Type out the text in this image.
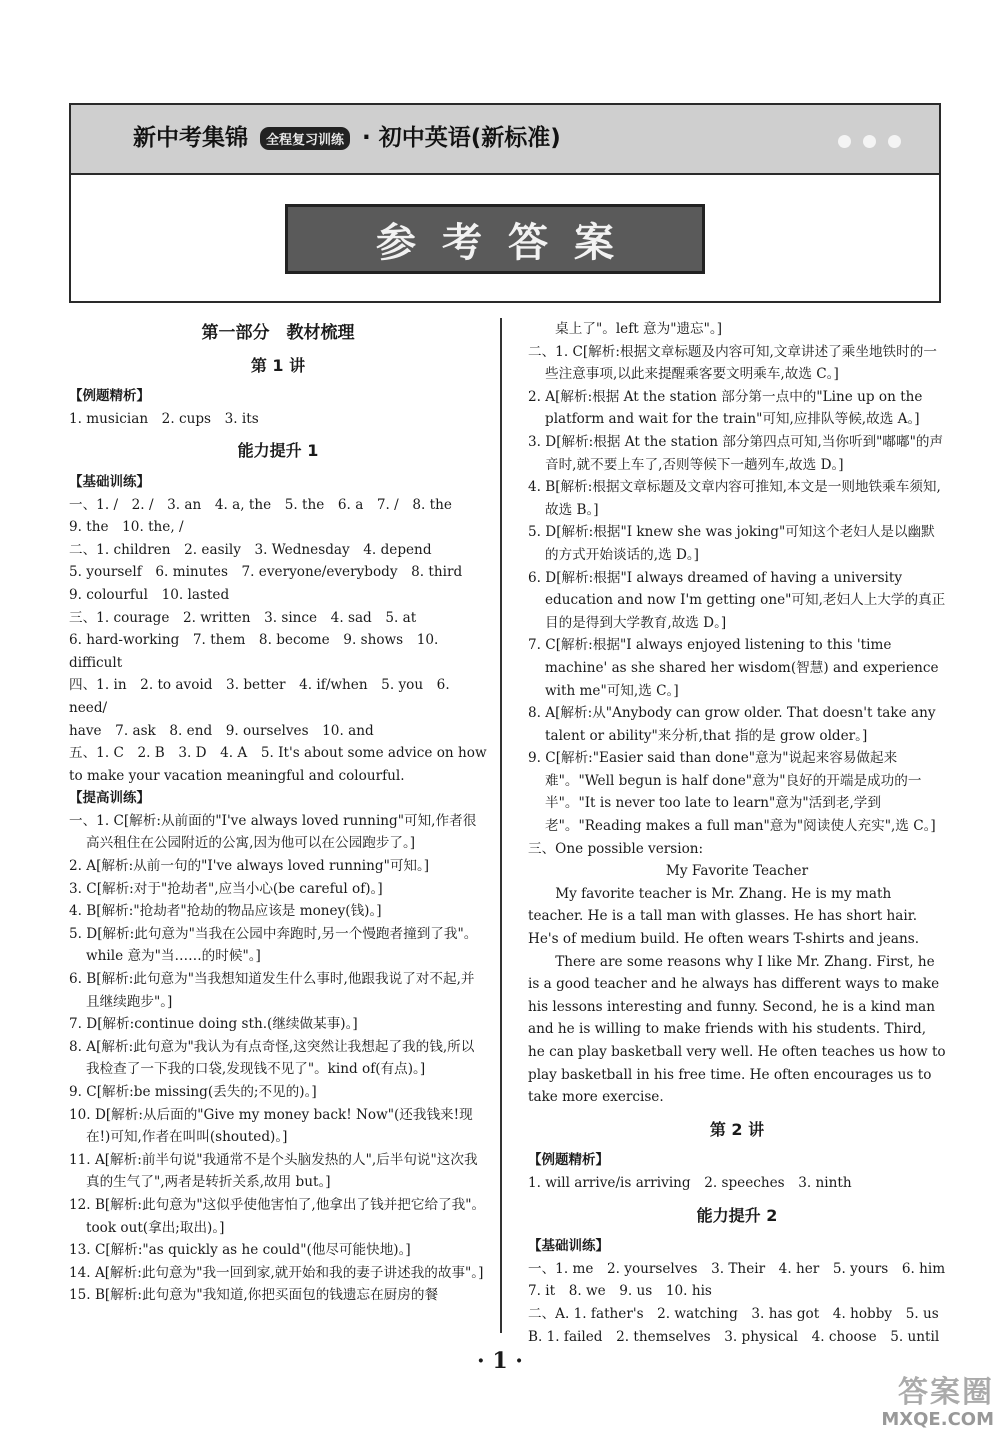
新中考集锦 全程复习训练 · 初中英语(新标准)
参考答案
第一部分　教材梳理
第 1 讲
【例题精析】
1. musician　2. cups　3. its
能力提升 1
【基础训练】
一、1. /　2. /　3. an　4. a, the　5. the　6. a　7. /　8. the
9. the　10. the, /
二、1. children　2. easily　3. Wednesday　4. depend
5. yourself　6. minutes　7. everyone/everybody　8. third
9. colourful　10. lasted
三、1. courage　2. written　3. since　4. sad　5. at
6. hard-working　7. them　8. become　9. shows　10. difficult
四、1. in　2. to avoid　3. better　4. if/when　5. you　6. need/
have　7. ask　8. end　9. ourselves　10. and
五、1. C　2. B　3. D　4. A　5. It's about some advice on how
to make your vacation meaningful and colourful.
【提高训练】
一、1. C[解析:从前面的"I've always loved running"可知,作者很高兴租住在公园附近的公寓,因为他可以在公园跑步了。]
2. A[解析:从前一句的"I've always loved running"可知。]
3. C[解析:对于"抢劫者",应当小心(be careful of)。]
4. B[解析:"抢劫者"抢劫的物品应该是 money(钱)。]
5. D[解析:此句意为"当我在公园中奔跑时,另一个慢跑者撞到了我"。while 意为"当……的时候"。]
6. B[解析:此句意为"当我想知道发生什么事时,他跟我说了对不起,并且继续跑步"。]
7. D[解析:continue doing sth.(继续做某事)。]
8. A[解析:此句意为"我认为有点奇怪,这突然让我想起了我的钱,所以我检查了一下我的口袋,发现钱不见了"。kind of(有点)。]
9. C[解析:be missing(丢失的;不见的)。]
10. D[解析:从后面的"Give my money back! Now"(还我钱来!现在!)可知,作者在叫叫(shouted)。]
11. A[解析:前半句说"我通常不是个头脑发热的人",后半句说"这次我真的生气了",两者是转折关系,故用 but。]
12. B[解析:此句意为"这似乎使他害怕了,他拿出了钱并把它给了我"。took out(拿出;取出)。]
13. C[解析:"as quickly as he could"(他尽可能快地)。]
14. A[解析:此句意为"我一回到家,就开始和我的妻子讲述我的故事"。]
15. B[解析:此句意为"我知道,你把买面包的钱遗忘在厨房的餐
　　桌上了"。left 意为"遗忘"。]
二、1. C[解析:根据文章标题及内容可知,文章讲述了乘坐地铁时的一些注意事项,以此来提醒乘客要文明乘车,故选 C。]
2. A[解析:根据 At the station 部分第一点中的"Line up on the platform and wait for the train"可知,应排队等候,故选 A。]
3. D[解析:根据 At the station 部分第四点可知,当你听到"嘟嘟"的声音时,就不要上车了,否则等候下一趟列车,故选 D。]
4. B[解析:根据文章标题及文章内容可推知,本文是一则地铁乘车须知,故选 B。]
5. D[解析:根据"I knew she was joking"可知这个老妇人是以幽默的方式开始谈话的,选 D。]
6. D[解析:根据"I always dreamed of having a university education and now I'm getting one"可知,老妇人上大学的真正目的是得到大学教育,故选 D。]
7. C[解析:根据"I always enjoyed listening to this 'time machine' as she shared her wisdom(智慧) and experience with me"可知,选 C。]
8. A[解析:从"Anybody can grow older. That doesn't take any talent or ability"来分析,that 指的是 grow older。]
9. C[解析:"Easier said than done"意为"说起来容易做起来难"。"Well begun is half done"意为"良好的开端是成功的一半"。"It is never too late to learn"意为"活到老,学到老"。"Reading makes a full man"意为"阅读使人充实",选 C。]
三、One possible version:
My Favorite Teacher
My favorite teacher is Mr. Zhang. He is my math teacher. He is a tall man with glasses. He has short hair. He's of medium build. He often wears T-shirts and jeans.
There are some reasons why I like Mr. Zhang. First, he is a good teacher and he always has different ways to make his lessons interesting and funny. Second, he is a kind man and he is willing to make friends with his students. Third, he can play basketball very well. He often teaches us how to play basketball in his free time. He often encourages us to take more exercise.
第 2 讲
【例题精析】
1. will arrive/is arriving　2. speeches　3. ninth
能力提升 2
【基础训练】
一、1. me　2. yourselves　3. Their　4. her　5. yours　6. him
7. it　8. we　9. us　10. his
二、A. 1. father's　2. watching　3. has got　4. hobby　5. us
B. 1. failed　2. themselves　3. physical　4. choose　5. until
· 1 ·
答案圈
MXQE.COM
